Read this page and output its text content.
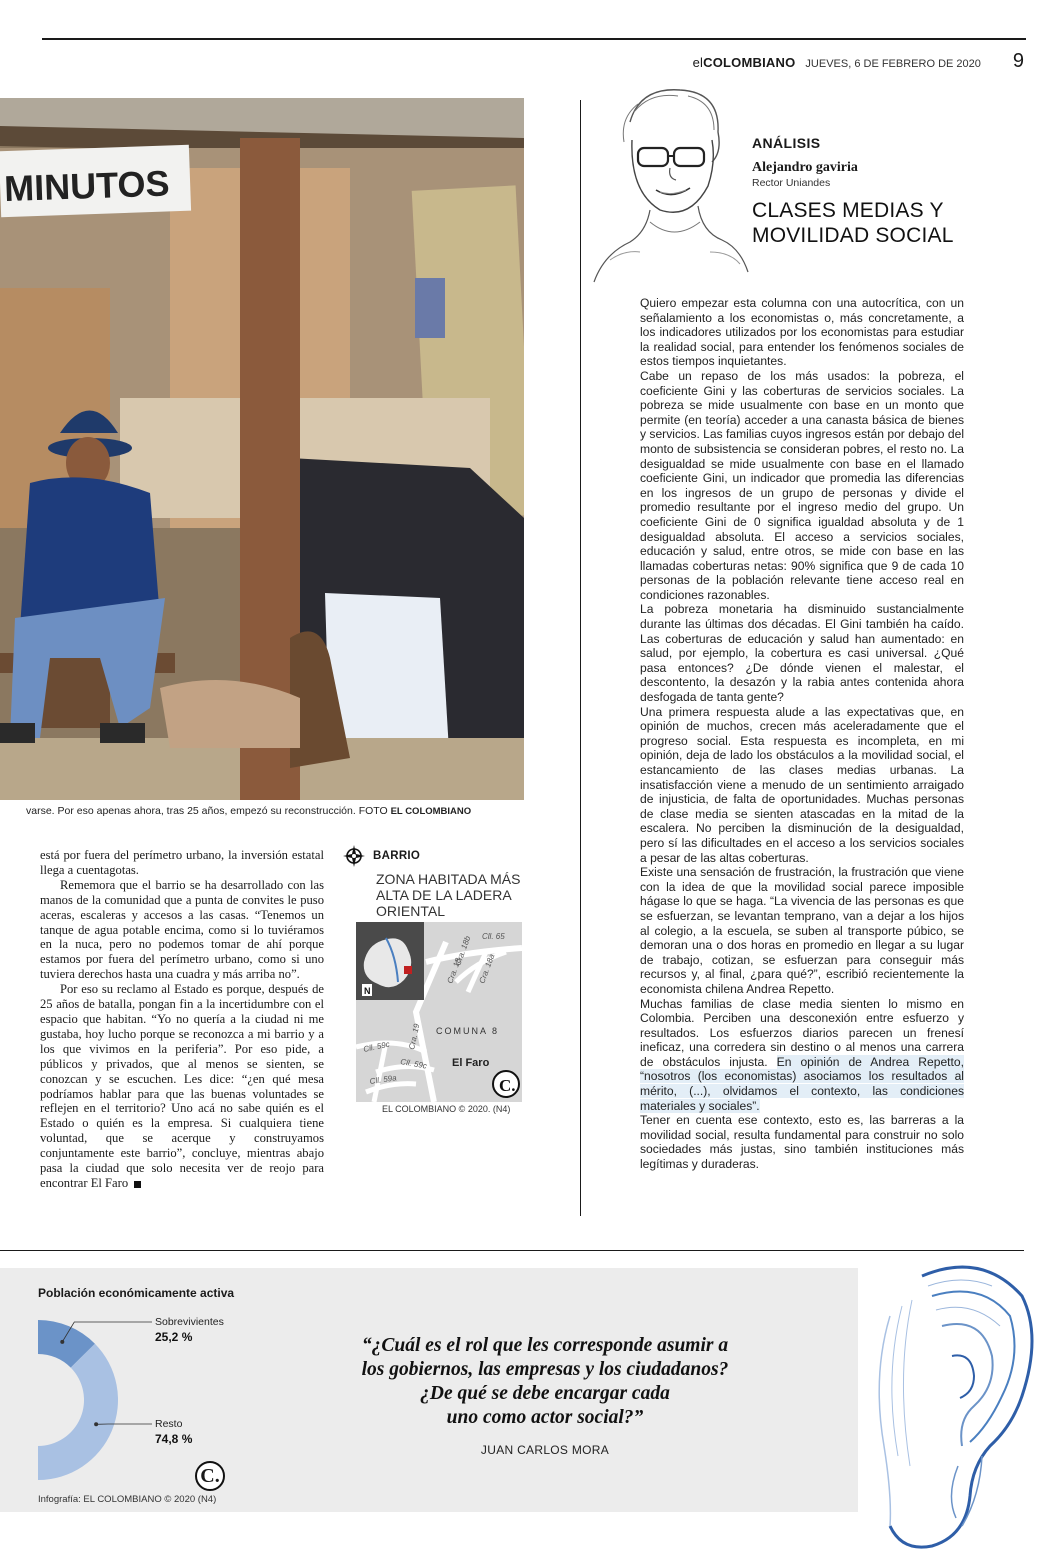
elCOLOMBIANO JUEVES, 6 DE FEBRERO DE 2020 9
MINUTOS
varse. Por eso apenas ahora, tras 25 años, empezó su reconstrucción. FOTO EL COLOMBIANO

está por fuera del perímetro urbano, la inversión estatal llega a cuentagotas.

Rememora que el barrio se ha desarrollado con las manos de la comunidad que a punta de convites le puso aceras, escaleras y accesos a las casas. “Tenemos un tanque de agua potable encima, como si lo tuviéramos en la nuca, pero no podemos tomar de ahí porque estamos por fuera del perímetro urbano, como si uno tuviera derechos hasta una cuadra y más arriba no”.

Por eso su reclamo al Estado es porque, después de 25 años de batalla, pongan fin a la incertidumbre con el espacio que habitan. “Yo no quería a la ciudad ni me gustaba, hoy lucho porque se reconozca a mi barrio y a los que vivimos en la periferia”. Por eso pide, a públicos y privados, que al menos se sienten, se conozcan y se escuchen. Les dice: “¿en qué mesa podríamos hablar para que las buenas voluntades se reflejen en el territorio? Uno acá no sabe quién es el Estado o quién es la empresa. Si cualquiera tiene voluntad, que se acerque y construyamos conjuntamente este barrio”, concluye, mientras abajo pasa la ciudad que solo necesita ver de reojo para encontrar El Faro

BARRIO
ZONA HABITADA MÁS ALTA DE LA LADERA ORIENTAL
N
Cll. 65
Cra. 18b
Cra. 18 Cra. 18a
Cra. 19 COMUNA 8
Cll. 59c
Cll. 59c
Cll. 59a
El Faro
C.
EL COLOMBIANO © 2020. (N4)
ANÁLISIS
Alejandro gaviria
Rector Uniandes
CLASES MEDIAS Y
MOVILIDAD SOCIAL

Quiero empezar esta columna con una autocrítica, con un señalamiento a los economistas o, más concretamente, a los indicadores utilizados por los economistas para estudiar la realidad social, para entender los fenómenos sociales de estos tiempos inquietantes.

Cabe un repaso de los más usados: la pobreza, el coeficiente Gini y las coberturas de servicios sociales. La pobreza se mide usualmente con base en un monto que permite (en teoría) acceder a una canasta básica de bienes y servicios. Las familias cuyos ingresos están por debajo del monto de subsistencia se consideran pobres, el resto no. La desigualdad se mide usualmente con base en el llamado coeficiente Gini, un indicador que promedia las diferencias en los ingresos de un grupo de personas y divide el promedio resultante por el ingreso medio del grupo. Un coeficiente Gini de 0 significa igualdad absoluta y de 1 desigualdad absoluta. El acceso a servicios sociales, educación y salud, entre otros, se mide con base en las llamadas coberturas netas: 90% significa que 9 de cada 10 personas de la población relevante tiene acceso real en condiciones razonables.

La pobreza monetaria ha disminuido sustancialmente durante las últimas dos décadas. El Gini también ha caído. Las coberturas de educación y salud han aumentado: en salud, por ejemplo, la cobertura es casi universal. ¿Qué pasa entonces? ¿De dónde vienen el malestar, el descontento, la desazón y la rabia antes contenida ahora desfogada de tanta gente?

Una primera respuesta alude a las expectativas que, en opinión de muchos, crecen más aceleradamente que el progreso social. Esta respuesta es incompleta, en mi opinión, deja de lado los obstáculos a la movilidad social, el estancamiento de las clases medias urbanas. La insatisfacción viene a menudo de un sentimiento arraigado de injusticia, de falta de oportunidades. Muchas personas de clase media se sienten atascadas en la mitad de la escalera. No perciben la disminución de la desigualdad, pero sí las dificultades en el acceso a los servicios sociales a pesar de las altas coberturas.

Existe una sensación de frustración, la frustración que viene con la idea de que la movilidad social parece imposible hágase lo que se haga. “La vivencia de las personas es que se esfuerzan, se levantan temprano, van a dejar a los hijos al colegio, a la escuela, se suben al transporte púbico, se demoran una o dos horas en promedio en llegar a su lugar de trabajo, cotizan, se esfuerzan para conseguir más recursos y, al final, ¿para qué?”, escribió recientemente la economista chilena Andrea Repetto.

Muchas familias de clase media sienten lo mismo en Colombia. Perciben una desconexión entre esfuerzo y resultados. Los esfuerzos diarios parecen un frenesí ineficaz, una corredera sin destino o al menos una carrera de obstáculos injusta. En opinión de Andrea Repetto, “nosotros (los economistas) asociamos los resultados al mérito, (...), olvidamos el contexto, las condiciones materiales y sociales”.

Tener en cuenta ese contexto, esto es, las barreras a la movilidad social, resulta fundamental para construir no solo sociedades más justas, sino también instituciones más legítimas y duraderas.

Población económicamente activa
Sobrevivientes
25,2 %
Resto
74,8 %
C.
Infografía: EL COLOMBIANO © 2020 (N4)
“¿Cuál es el rol que les corresponde asumir a
los gobiernos, las empresas y los ciudadanos?
¿De qué se debe encargar cada
uno como actor social?”
JUAN CARLOS MORA
